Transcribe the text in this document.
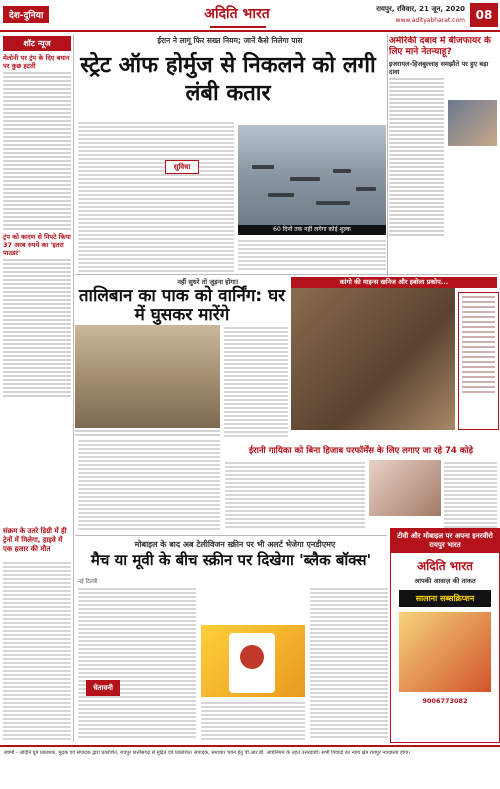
देश-दुनिया	अदिति भारत	रायपुर, रविवार, 21 जून, 2020
www.adityabharat.com 08
शॉट न्यूज
मेलोनी पर ट्रंप के दिए बयान पर कुछ हटती
ट्रंप को कारण से निपटे किया 37 अरब रुपये का 'इतरा पाउडर'
ईरान ने लागू फिर सख्त नियम; जानें कैसे निलेगा पास
स्ट्रेट ऑफ होर्मुज से निकलने को लगी लंबी कतार
सुविधा
60 दिनों तक नहीं लगेगा कोई शुल्क
अमेरिकी दबाव में बीजफायर के लिए माने नेतन्याहू?
इजरायल-हिजबुल्लाह समझौते पर हुए बड़ा दावा
नहीं सुधरे तो जुड़ना होगा!
तालिबान का पाक को वार्निंग: घर में घुसकर मारेंगे
कांगो की माइन्स खनिज और इबोला प्रकोप...
ईरानी गायिका को बिना हिजाब परफॉर्मेंस के लिए लगाए जा रहे 74 कोड़े
संक्रम के उतरे डिग्री में ही ट्रेनों में मिलेगा, हाइवे में एक हजार की मौत	मोबाइल के बाद अब टेलीविजन स्क्रीन पर भी अलर्ट भेजेगा एनडीएमए
मैच या मूवी के बीच स्क्रीन पर दिखेगा 'ब्लैक बॉक्स'
नई दिल्ली
चेतावनी
टीवी और मोबाइल पर अपना इनरवीरो रायपुर भारत
अदिति भारत
आपकी आवाज़ की ताकत
सालाना सब्सक्रिप्शन
9006773082
स्वामी - अदिति ग्रुप प्रकाशक, मुद्रक एवं संपादक द्वारा प्रकाशित, रायपुर छत्तीसगढ़ से मुद्रित एवं प्रकाशित। संपादक, समाचार चयन हेतु पी.आर.बी. अधिनियम के तहत उत्तरदायी। सभी विवादों का न्याय क्षेत्र रायपुर न्यायालय होगा।
